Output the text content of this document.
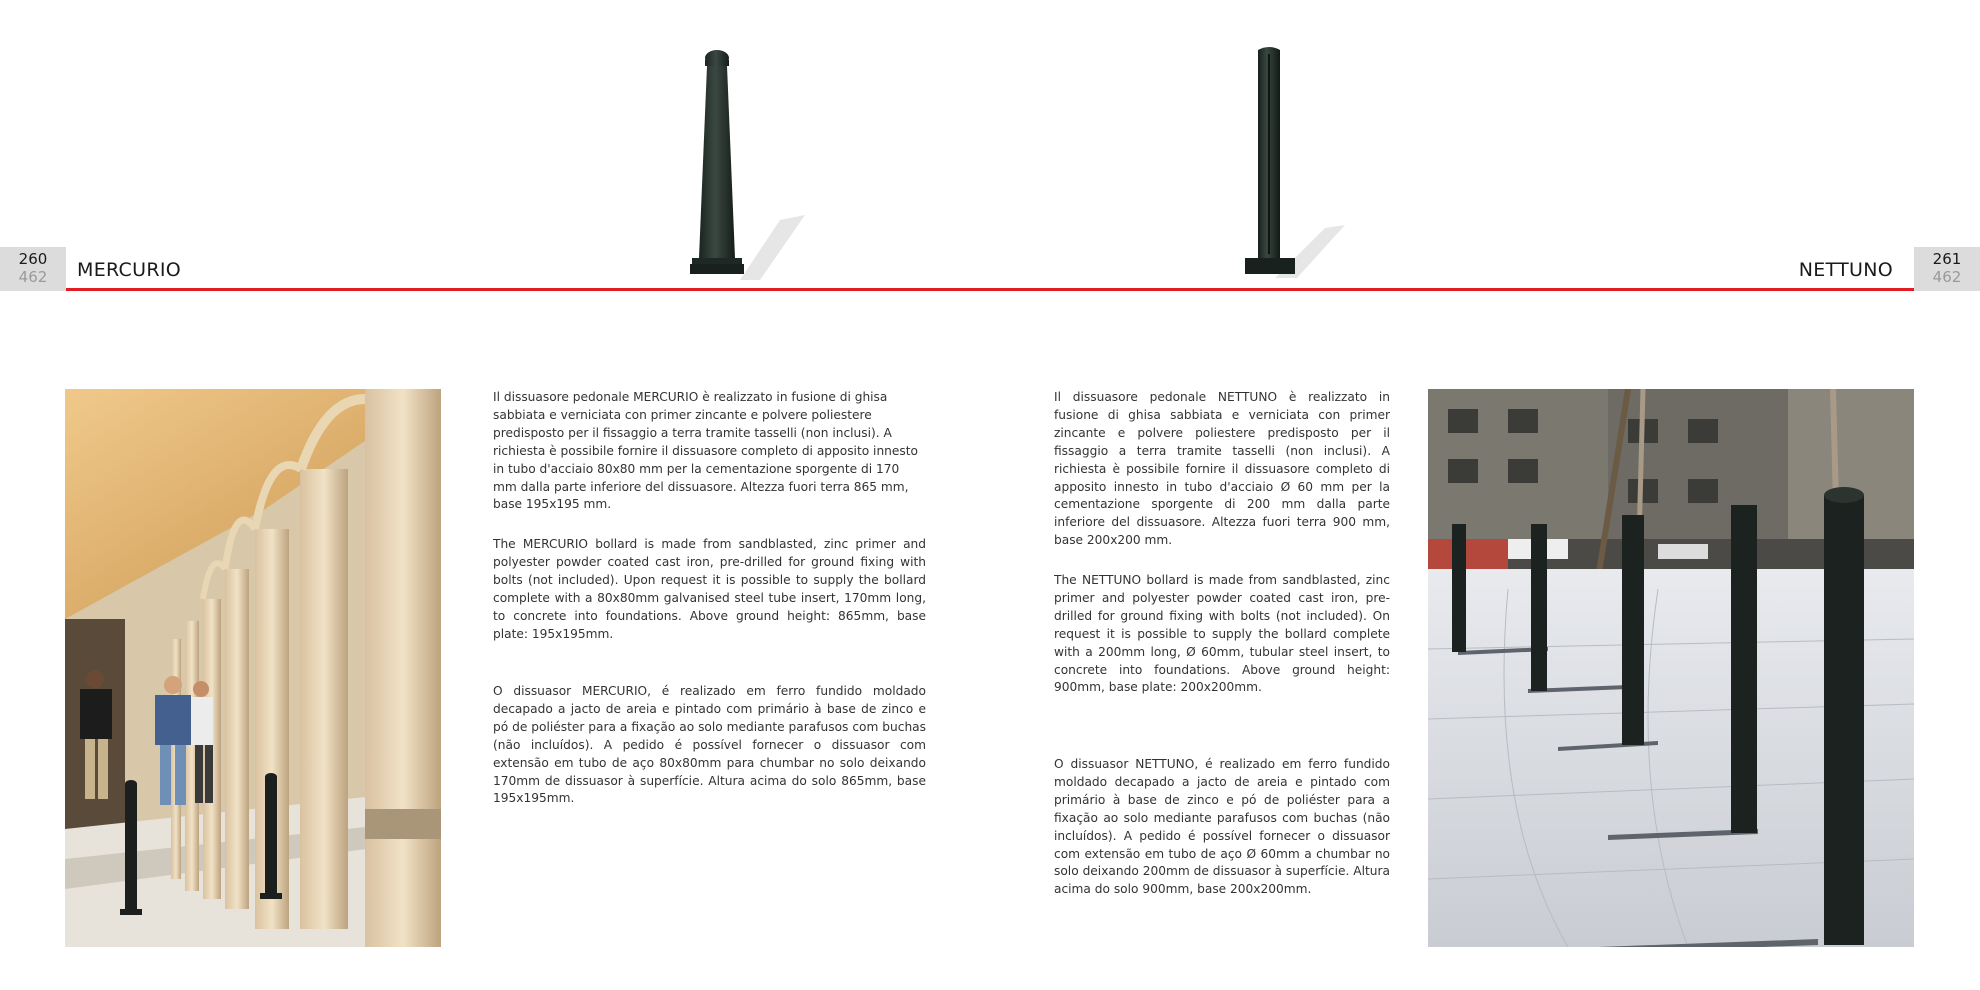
260
462	MERCURIO	261
462
NETTUNO
Il dissuasore pedonale MERCURIO è realizzato in fusione di ghisa sabbiata e verniciata con primer zincante e polvere poliestere predisposto per il fissaggio a terra tramite tasselli (non inclusi). A richiesta è possibile fornire il dissuasore completo di apposito innesto in tubo d'acciaio 80x80 mm per la cementazione sporgente di 170 mm dalla parte inferiore del dissuasore. Altezza fuori terra 865 mm, base 195x195 mm.
The MERCURIO bollard is made from sandblasted, zinc primer and polyester powder coated cast iron, pre-drilled for ground fixing with bolts (not included). Upon request it is possible to supply the bollard complete with a 80x80mm galvanised steel tube insert, 170mm long, to concrete into foundations. Above ground height: 865mm, base plate: 195x195mm.
O dissuasor MERCURIO, é realizado em ferro fundido moldado decapado a jacto de areia e pintado com primário à base de zinco e pó de poliéster para a fixação ao solo mediante parafusos com buchas (não incluídos). A pedido é possível fornecer o dissuasor com extensão em tubo de aço 80x80mm para chumbar no solo deixando 170mm de dissuasor à superfície. Altura acima do solo 865mm, base 195x195mm.
Il dissuasore pedonale NETTUNO è realizzato in fusione di ghisa sabbiata e verniciata con primer zincante e polvere poliestere predisposto per il fissaggio a terra tramite tasselli (non inclusi). A richiesta è possibile fornire il dissuasore completo di apposito innesto in tubo d'acciaio Ø 60 mm per la cementazione sporgente di 200 mm dalla parte inferiore del dissuasore. Altezza fuori terra 900 mm, base 200x200 mm.
The NETTUNO bollard is made from sandblasted, zinc primer and polyester powder coated cast iron, pre-drilled for ground fixing with bolts (not included). On request it is possible to supply the bollard complete with a 200mm long, Ø 60mm, tubular steel insert, to concrete into foundations. Above ground height: 900mm, base plate: 200x200mm.
O dissuasor NETTUNO, é realizado em ferro fundido moldado decapado a jacto de areia e pintado com primário à base de zinco e pó de poliéster para a fixação ao solo mediante parafusos com buchas (não incluídos). A pedido é possível fornecer o dissuasor com extensão em tubo de aço Ø 60mm a chumbar no solo deixando 200mm de dissuasor à superfície. Altura acima do solo 900mm, base 200x200mm.
